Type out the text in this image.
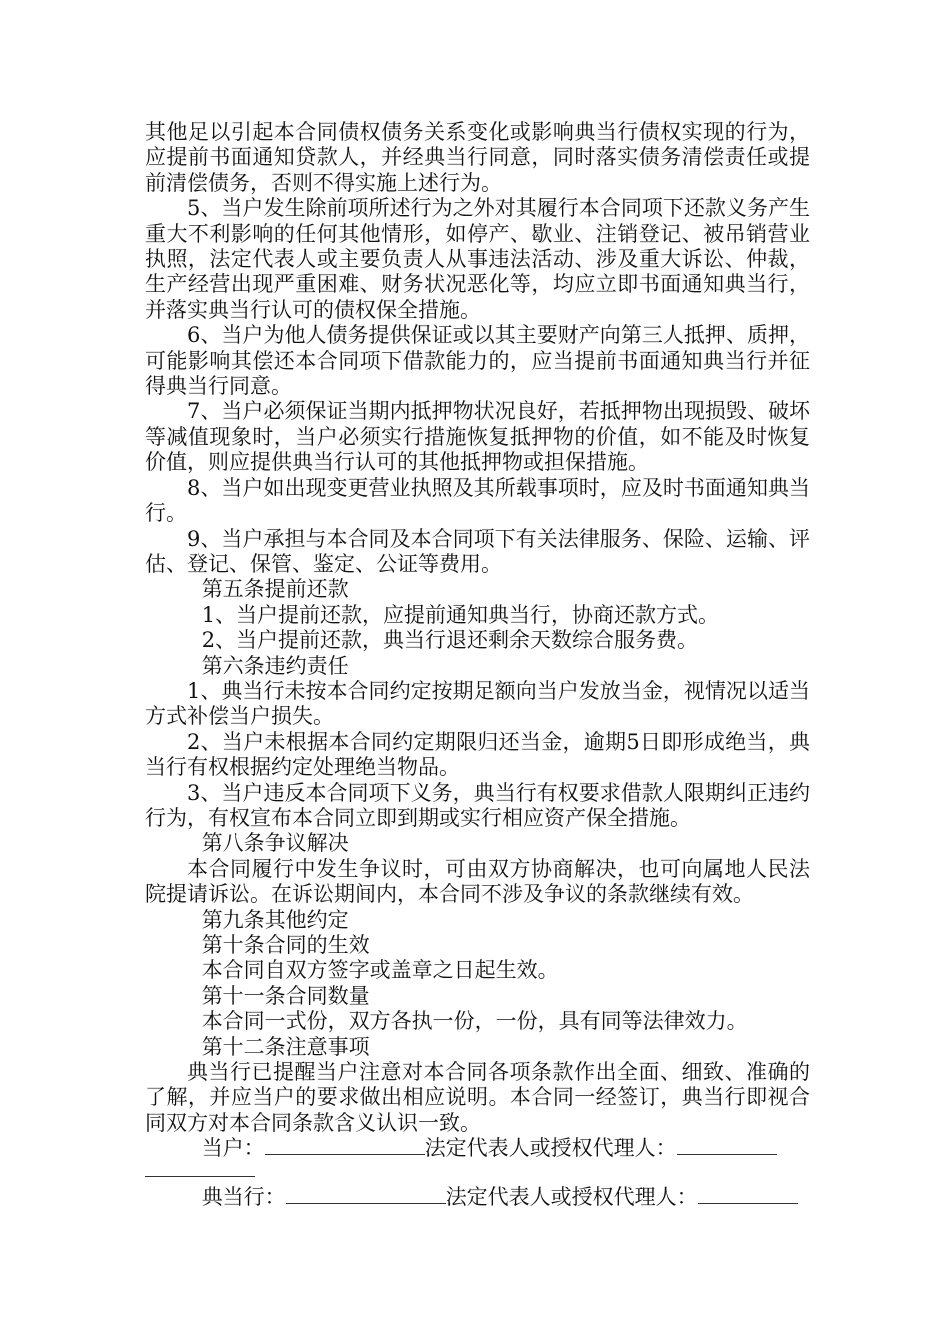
其他足以引起本合同债权债务关系变化或影响典当行债权实现的行为，应提前书面通知贷款人，并经典当行同意，同时落实债务清偿责任或提前清偿债务，否则不得实施上述行为。

5、当户发生除前项所述行为之外对其履行本合同项下还款义务产生重大不利影响的任何其他情形，如停产、歇业、注销登记、被吊销营业执照，法定代表人或主要负责人从事违法活动、涉及重大诉讼、仲裁，生产经营出现严重困难、财务状况恶化等，均应立即书面通知典当行，并落实典当行认可的债权保全措施。

6、当户为他人债务提供保证或以其主要财产向第三人抵押、质押，可能影响其偿还本合同项下借款能力的，应当提前书面通知典当行并征得典当行同意。

7、当户必须保证当期内抵押物状况良好，若抵押物出现损毁、破坏等减值现象时，当户必须实行措施恢复抵押物的价值，如不能及时恢复价值，则应提供典当行认可的其他抵押物或担保措施。

8、当户如出现变更营业执照及其所载事项时，应及时书面通知典当行。

9、当户承担与本合同及本合同项下有关法律服务、保险、运输、评估、登记、保管、鉴定、公证等费用。

第五条提前还款

1、当户提前还款，应提前通知典当行，协商还款方式。

2、当户提前还款，典当行退还剩余天数综合服务费。

第六条违约责任

1、典当行未按本合同约定按期足额向当户发放当金，视情况以适当方式补偿当户损失。

2、当户未根据本合同约定期限归还当金，逾期5日即形成绝当，典当行有权根据约定处理绝当物品。

3、当户违反本合同项下义务，典当行有权要求借款人限期纠正违约行为，有权宣布本合同立即到期或实行相应资产保全措施。

第八条争议解决

本合同履行中发生争议时，可由双方协商解决，也可向属地人民法院提请诉讼。在诉讼期间内，本合同不涉及争议的条款继续有效。

第九条其他约定

第十条合同的生效

本合同自双方签字或盖章之日起生效。

第十一条合同数量

本合同一式份，双方各执一份，一份，具有同等法律效力。

第十二条注意事项

典当行已提醒当户注意对本合同各项条款作出全面、细致、准确的了解，并应当户的要求做出相应说明。本合同一经签订，典当行即视合同双方对本合同条款含义认识一致。

当户：	法定代表人或授权代理人：

典当行：	法定代表人或授权代理人：
